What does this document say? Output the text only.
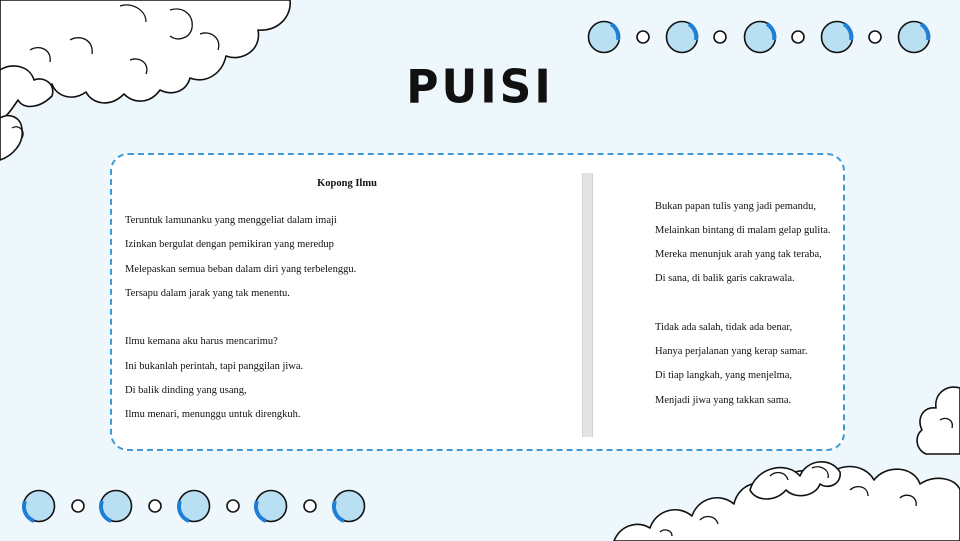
PUISI
Kopong Ilmu
Teruntuk lamunanku yang menggeliat dalam imaji
Izinkan bergulat dengan pemikiran yang meredup
Melepaskan semua beban dalam diri yang terbelenggu.
Tersapu dalam jarak yang tak menentu.
Ilmu kemana aku harus mencarimu?
Ini bukanlah perintah, tapi panggilan jiwa.
Di balik dinding yang usang,
Ilmu menari, menunggu untuk direngkuh.
Bukan papan tulis yang jadi pemandu,
Melainkan bintang di malam gelap gulita.
Mereka menunjuk arah yang tak teraba,
Di sana, di balik garis cakrawala.
Tidak ada salah, tidak ada benar,
Hanya perjalanan yang kerap samar.
Di tiap langkah, yang menjelma,
Menjadi jiwa yang takkan sama.
